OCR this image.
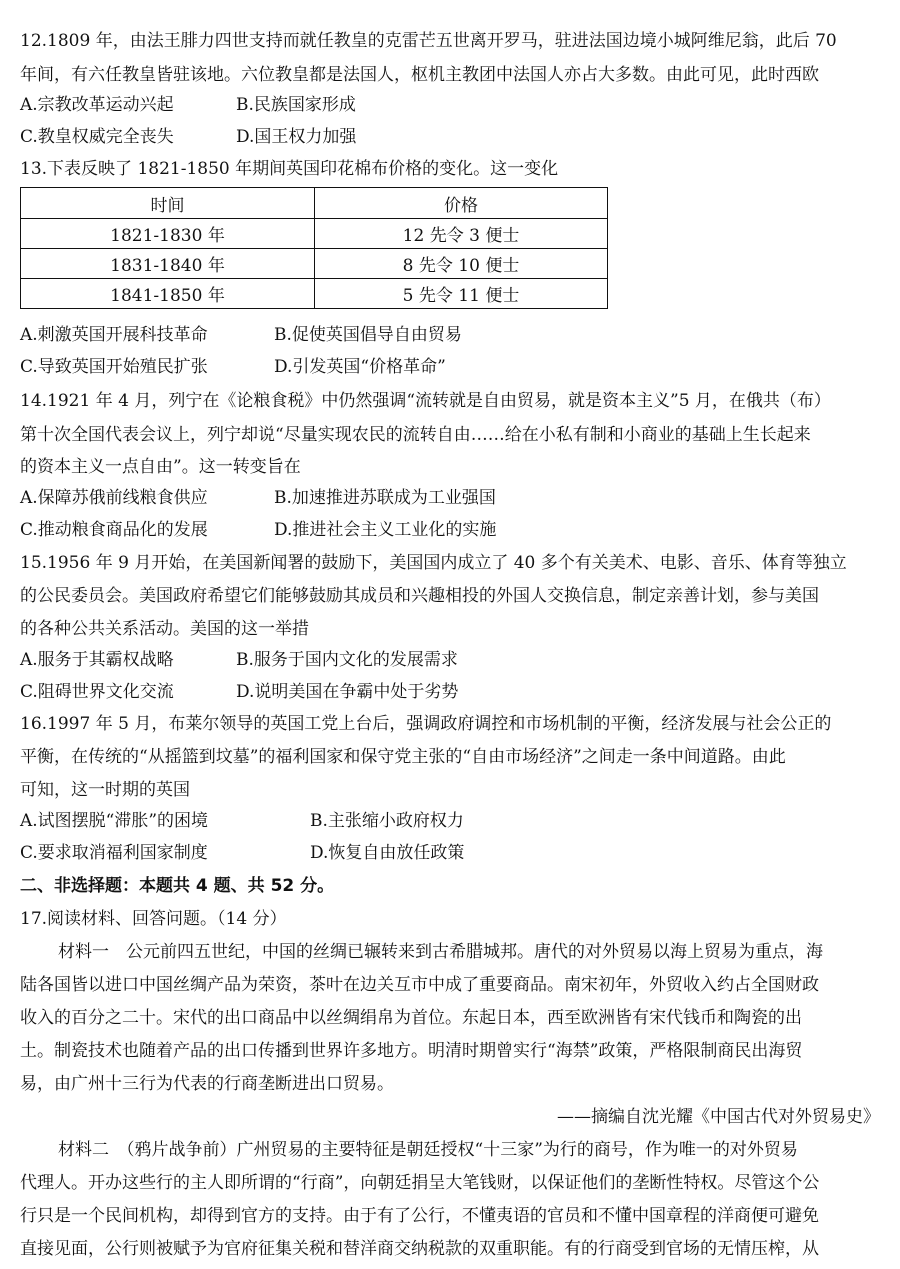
12.1809 年，由法王腓力四世支持而就任教皇的克雷芒五世离开罗马，驻进法国边境小城阿维尼翁，此后 70
年间，有六任教皇皆驻该地。六位教皇都是法国人，枢机主教团中法国人亦占大多数。由此可见，此时西欧
A.宗教改革运动兴起	B.民族国家形成
C.教皇权威完全丧失	D.国王权力加强
13.下表反映了 1821-1850 年期间英国印花棉布价格的变化。这一变化
时间	价格
1821-1830 年	12 先令 3 便士
1831-1840 年	8 先令 10 便士
1841-1850 年	5 先令 11 便士
A.刺激英国开展科技革命	B.促使英国倡导自由贸易
C.导致英国开始殖民扩张	D.引发英国“价格革命”
14.1921 年 4 月，列宁在《论粮食税》中仍然强调“流转就是自由贸易，就是资本主义”5 月，在俄共（布）
第十次全国代表会议上，列宁却说“尽量实现农民的流转自由……给在小私有制和小商业的基础上生长起来
的资本主义一点自由”。这一转变旨在
A.保障苏俄前线粮食供应	B.加速推进苏联成为工业强国
C.推动粮食商品化的发展	D.推进社会主义工业化的实施
15.1956 年 9 月开始，在美国新闻署的鼓励下，美国国内成立了 40 多个有关美术、电影、音乐、体育等独立
的公民委员会。美国政府希望它们能够鼓励其成员和兴趣相投的外国人交换信息，制定亲善计划，参与美国
的各种公共关系活动。美国的这一举措
A.服务于其霸权战略	B.服务于国内文化的发展需求
C.阻碍世界文化交流	D.说明美国在争霸中处于劣势
16.1997 年 5 月，布莱尔领导的英国工党上台后，强调政府调控和市场机制的平衡，经济发展与社会公正的
平衡，在传统的“从摇篮到坟墓”的福利国家和保守党主张的“自由市场经济”之间走一条中间道路。由此
可知，这一时期的英国
A.试图摆脱“滞胀”的困境	B.主张缩小政府权力
C.要求取消福利国家制度	D.恢复自由放任政策
二、非选择题：本题共 4 题、共 52 分。
17.阅读材料、回答问题。（14 分）
材料一　公元前四五世纪，中国的丝绸已辗转来到古希腊城邦。唐代的对外贸易以海上贸易为重点，海
陆各国皆以进口中国丝绸产品为荣资，茶叶在边关互市中成了重要商品。南宋初年，外贸收入约占全国财政
收入的百分之二十。宋代的出口商品中以丝绸绢帛为首位。东起日本，西至欧洲皆有宋代钱币和陶瓷的出
土。制瓷技术也随着产品的出口传播到世界许多地方。明清时期曾实行“海禁”政策，严格限制商民出海贸
易，由广州十三行为代表的行商垄断进出口贸易。
——摘编自沈光耀《中国古代对外贸易史》
材料二　（鸦片战争前）广州贸易的主要特征是朝廷授权“十三家”为行的商号，作为唯一的对外贸易
代理人。开办这些行的主人即所谓的“行商”，向朝廷捐呈大笔钱财，以保证他们的垄断性特权。尽管这个公
行只是一个民间机构，却得到官方的支持。由于有了公行，不懂夷语的官员和不懂中国章程的洋商便可避免
直接见面，公行则被赋予为官府征集关税和替洋商交纳税款的双重职能。有的行商受到官场的无情压榨，从
